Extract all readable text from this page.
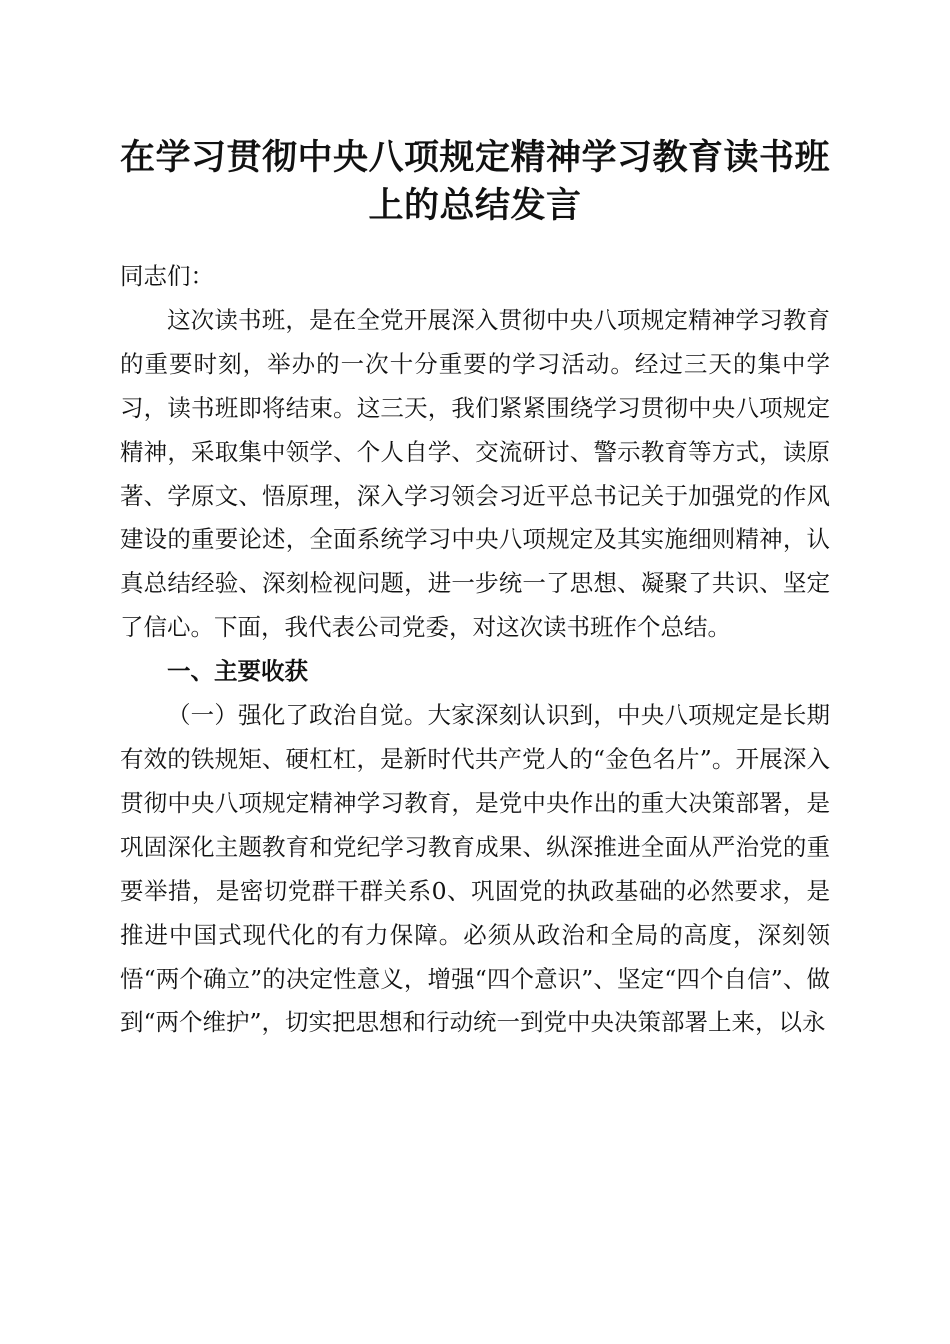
在学习贯彻中央八项规定精神学习教育读书班
上的总结发言

同志们：

这次读书班，是在全党开展深入贯彻中央八项规定精神学习教育的重要时刻，举办的一次十分重要的学习活动。经过三天的集中学习，读书班即将结束。这三天，我们紧紧围绕学习贯彻中央八项规定精神，采取集中领学、个人自学、交流研讨、警示教育等方式，读原著、学原文、悟原理，深入学习领会习近平总书记关于加强党的作风建设的重要论述，全面系统学习中央八项规定及其实施细则精神，认真总结经验、深刻检视问题，进一步统一了思想、凝聚了共识、坚定了信心。下面，我代表公司党委，对这次读书班作个总结。

一、主要收获

（一）强化了政治自觉。大家深刻认识到，中央八项规定是长期有效的铁规矩、硬杠杠，是新时代共产党人的“金色名片”。开展深入贯彻中央八项规定精神学习教育，是党中央作出的重大决策部署，是巩固深化主题教育和党纪学习教育成果、纵深推进全面从严治党的重要举措，是密切党群干群关系0、巩固党的执政基础的必然要求，是推进中国式现代化的有力保障。必须从政治和全局的高度，深刻领悟“两个确立”的决定性意义，增强“四个意识”、坚定“四个自信”、做到“两个维护”，切实把思想和行动统一到党中央决策部署上来，以永
